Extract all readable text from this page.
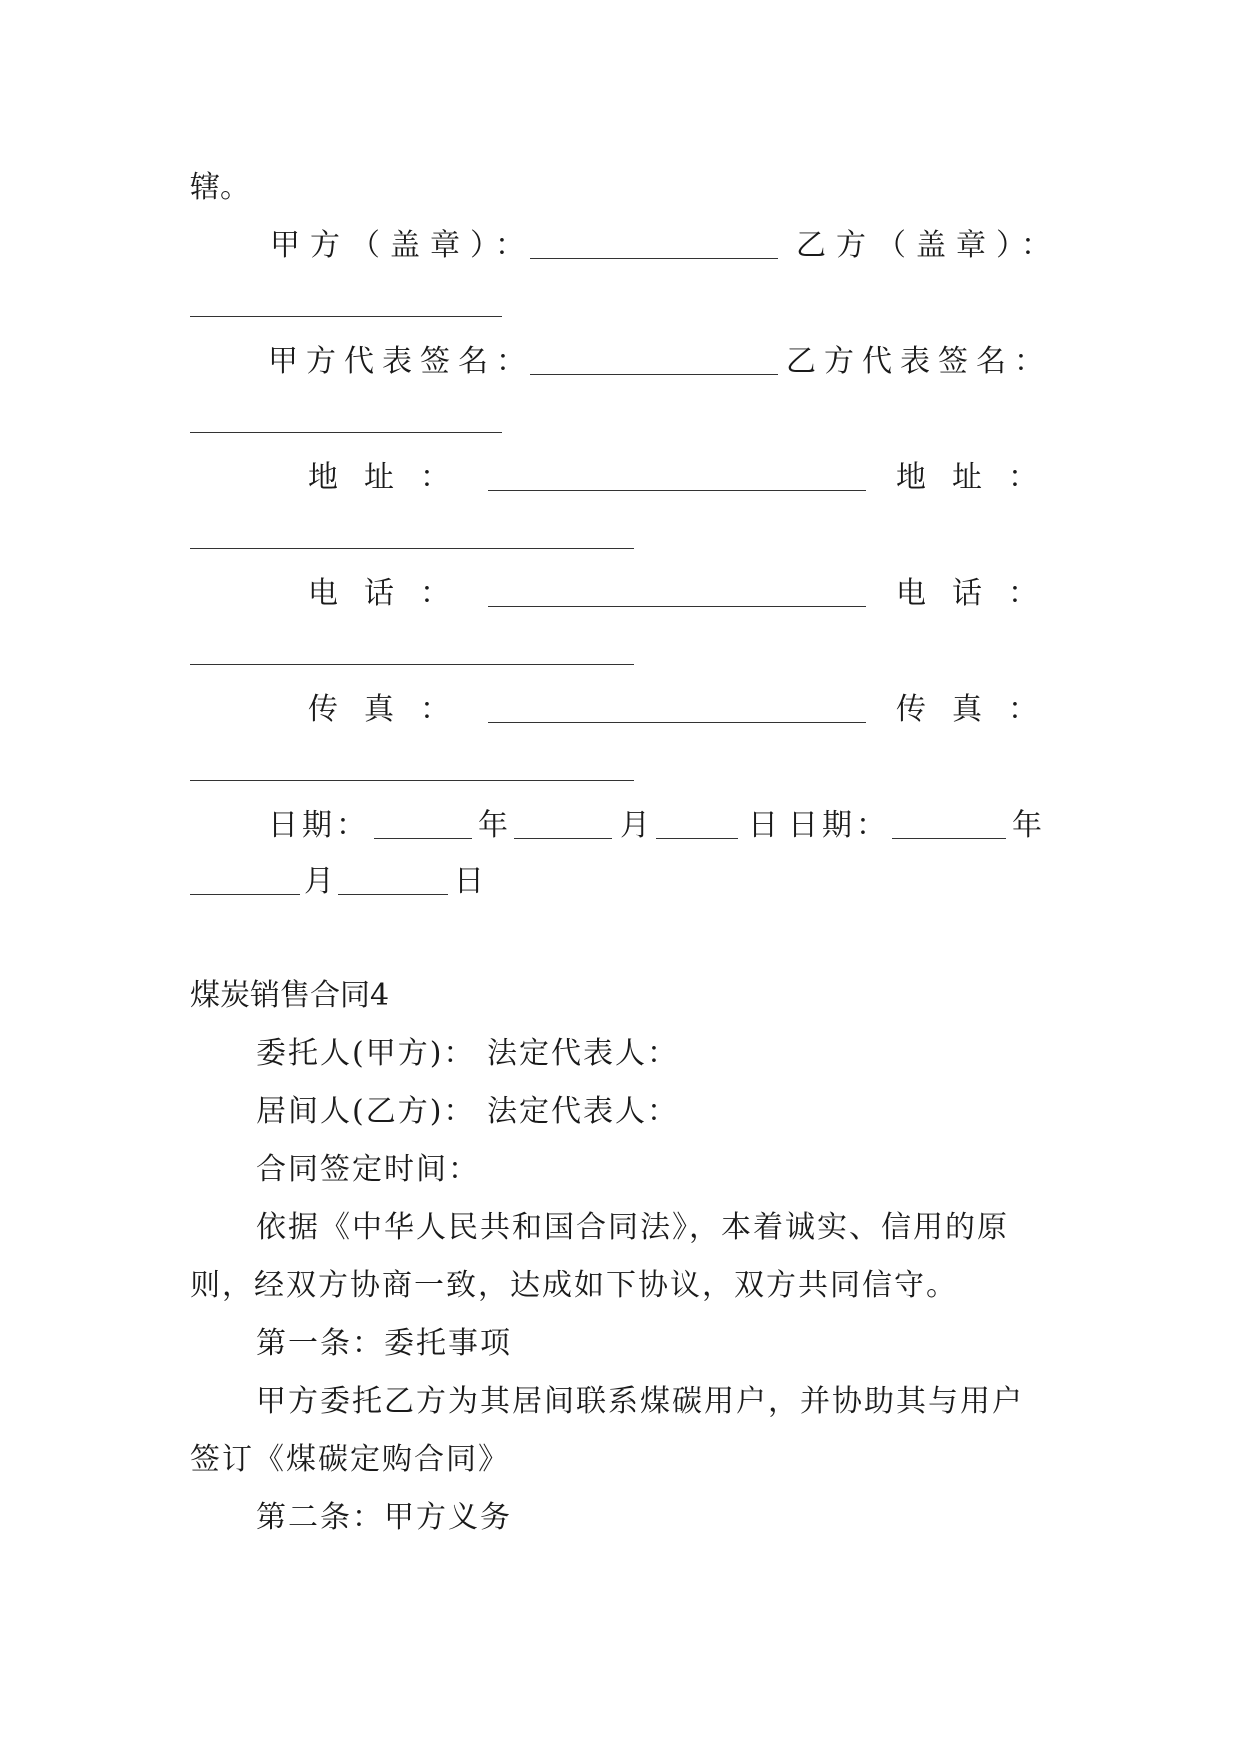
辖。
甲方（盖章）：	乙方（盖章）：
甲方代表签名：	乙方代表签名：
地址：	地址：
电话：	电话：
传真：	传真：
日期：	年	月	日 日期：	年
月	日
煤炭销售合同4
委托人(甲方)： 法定代表人：
居间人(乙方)： 法定代表人：
合同签定时间：
依据《中华人民共和国合同法》，本着诚实、信用的原
则，经双方协商一致，达成如下协议，双方共同信守。
第一条：委托事项
甲方委托乙方为其居间联系煤碳用户，并协助其与用户
签订《煤碳定购合同》
第二条：甲方义务
